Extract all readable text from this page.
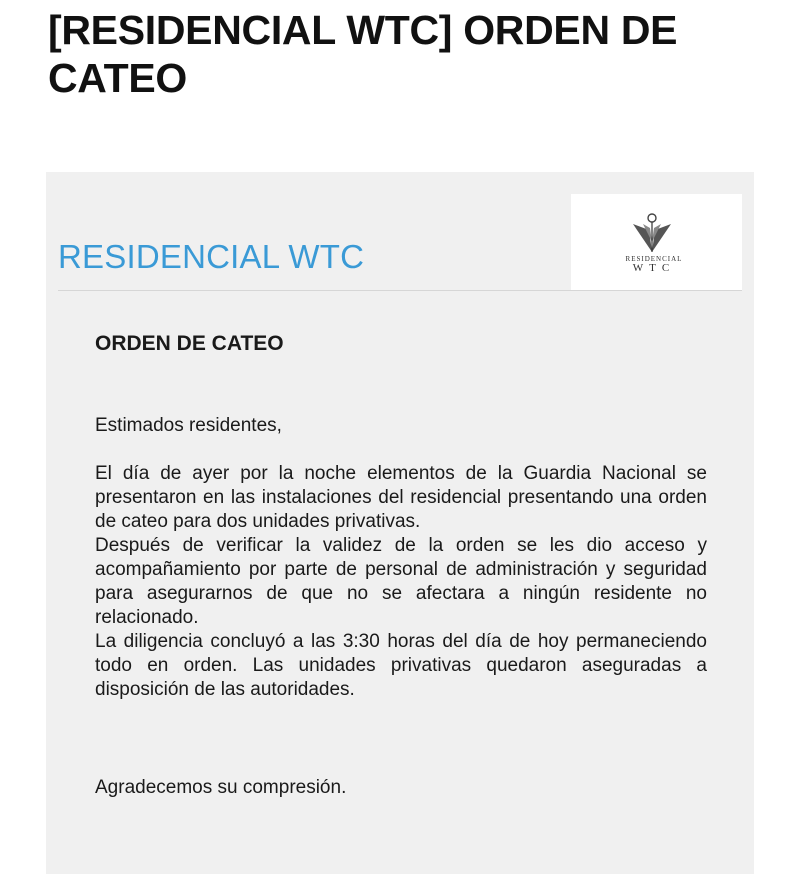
[RESIDENCIAL WTC] ORDEN DE CATEO
RESIDENCIAL WTC	RESIDENCIAL
WTC

ORDEN DE CATEO

Estimados residentes,

El día de ayer por la noche elementos de la Guardia Nacional se presentaron en las instalaciones del residencial presentando una orden de cateo para dos unidades privativas.
Después de verificar la validez de la orden se les dio acceso y acompañamiento por parte de personal de administración y seguridad para asegurarnos de que no se afectara a ningún residente no relacionado.
La diligencia concluyó a las 3:30 horas del día de hoy permaneciendo todo en orden. Las unidades privativas quedaron aseguradas a disposición de las autoridades.

Agradecemos su compresión.
